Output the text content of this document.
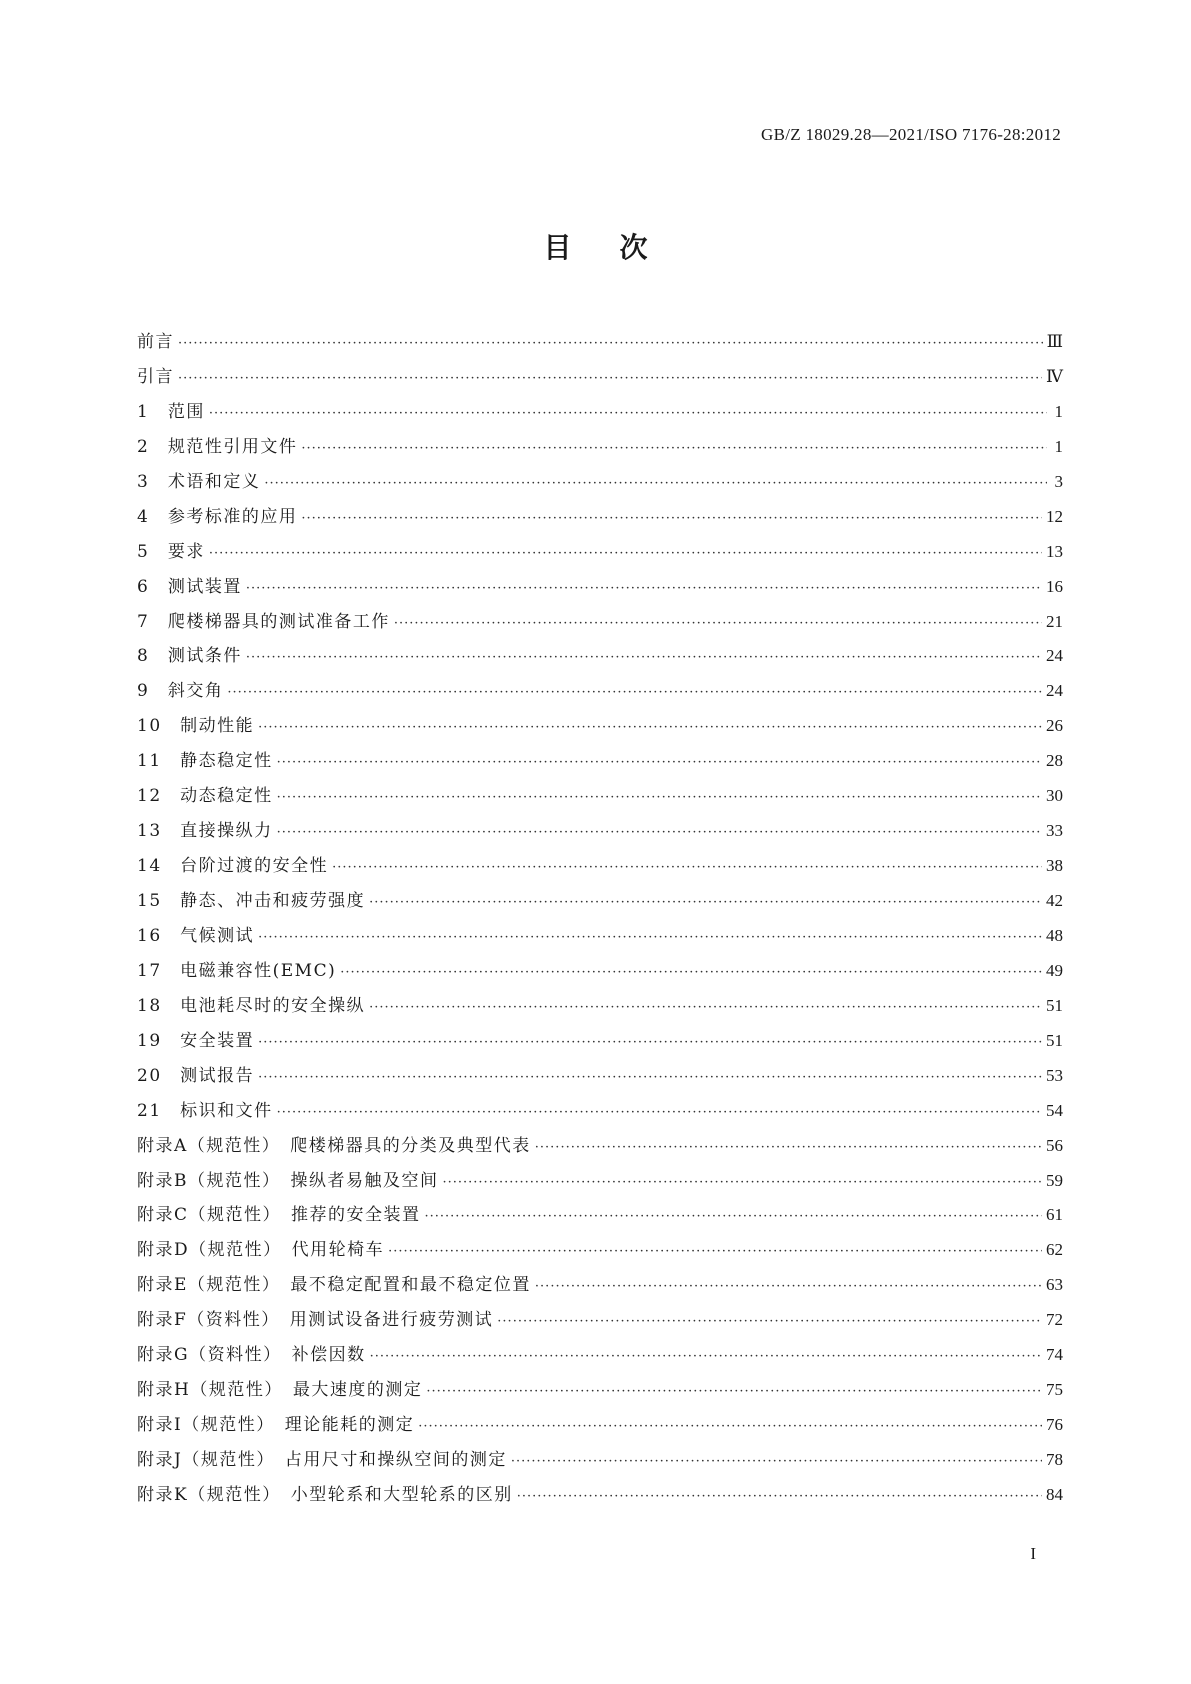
GB/Z 18029.28—2021/ISO 7176-28:2012
目次
前言 ·····	Ⅲ
引言 ·····	Ⅳ
1　范围 ·····	1
2　规范性引用文件 ·····	1
3　术语和定义 ·····	3
4　参考标准的应用 ·····	12
5　要求 ·····	13
6　测试装置 ·····	16
7　爬楼梯器具的测试准备工作 ·····	21
8　测试条件 ·····	24
9　斜交角 ·····	24
10　制动性能 ·····	26
11　静态稳定性 ·····	28
12　动态稳定性 ·····	30
13　直接操纵力 ·····	33
14　台阶过渡的安全性 ·····	38
15　静态、冲击和疲劳强度 ·····	42
16　气候测试 ·····	48
17　电磁兼容性(EMC) ·····	49
18　电池耗尽时的安全操纵 ·····	51
19　安全装置 ·····	51
20　测试报告 ·····	53
21　标识和文件 ·····	54
附录A（规范性）　爬楼梯器具的分类及典型代表 ·····	56
附录B（规范性）　操纵者易触及空间 ·····	59
附录C（规范性）　推荐的安全装置 ·····	61
附录D（规范性）　代用轮椅车 ·····	62
附录E（规范性）　最不稳定配置和最不稳定位置 ·····	63
附录F（资料性）　用测试设备进行疲劳测试 ·····	72
附录G（资料性）　补偿因数 ·····	74
附录H（规范性）　最大速度的测定 ·····	75
附录I（规范性）　理论能耗的测定 ·····	76
附录J（规范性）　占用尺寸和操纵空间的测定 ·····	78
附录K（规范性）　小型轮系和大型轮系的区别 ·····	84
I
